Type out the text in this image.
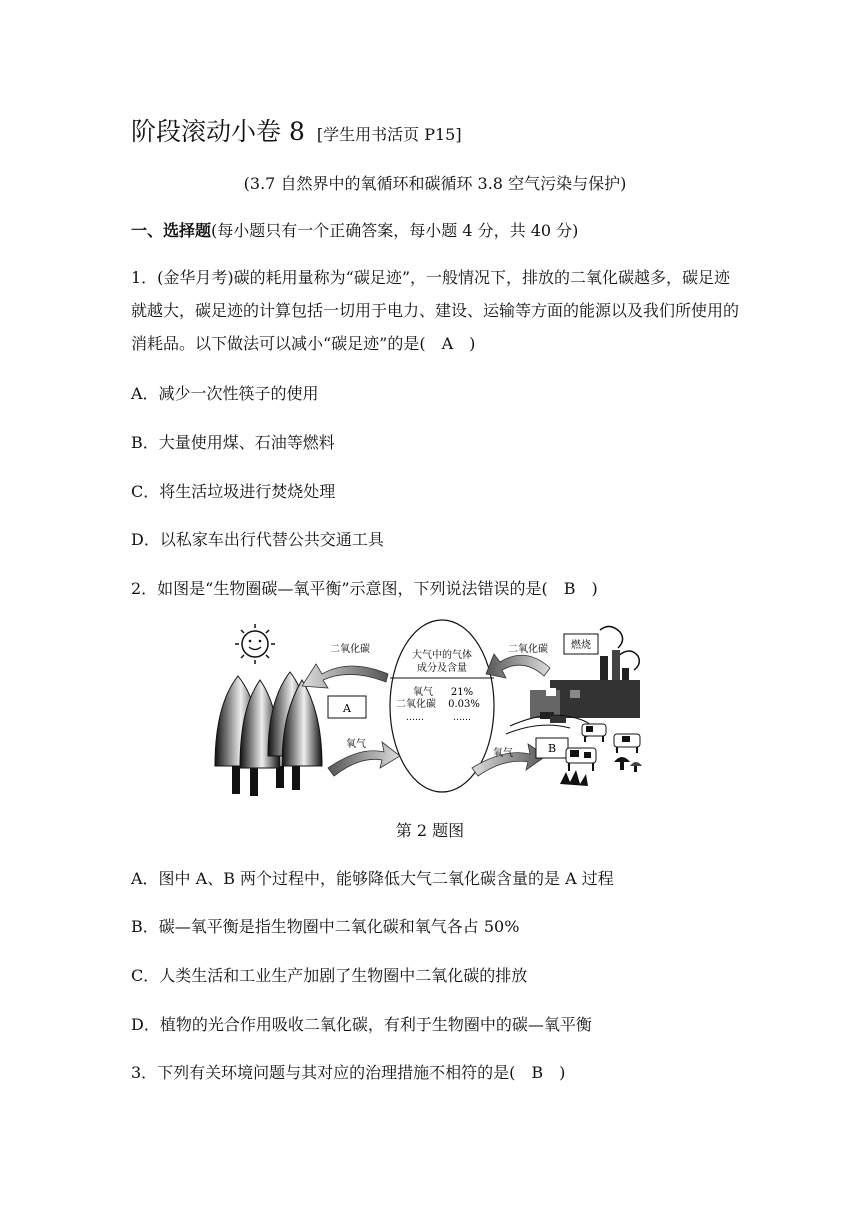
阶段滚动小卷 8 [学生用书活页 P15]
(3.7 自然界中的氧循环和碳循环 3.8 空气污染与保护)
一、选择题(每小题只有一个正确答案，每小题 4 分，共 40 分)
1．(金华月考)碳的耗用量称为“碳足迹”，一般情况下，排放的二氧化碳越多，碳足迹就越大，碳足迹的计算包括一切用于电力、建设、运输等方面的能源以及我们所使用的消耗品。以下做法可以减小“碳足迹”的是(　A　)
A．减少一次性筷子的使用
B．大量使用煤、石油等燃料
C．将生活垃圾进行焚烧处理
D．以私家车出行代替公共交通工具
2．如图是“生物圈碳—氧平衡”示意图，下列说法错误的是(　B　)
A
大气中的气体
成分及含量
氧气 21%
二氧化碳 0.03%
……	……
二氧化碳
氧气
二氧化碳
氧气	B
燃烧
第 2 题图
A．图中 A、B 两个过程中，能够降低大气二氧化碳含量的是 A 过程
B．碳—氧平衡是指生物圈中二氧化碳和氧气各占 50%
C．人类生活和工业生产加剧了生物圈中二氧化碳的排放
D．植物的光合作用吸收二氧化碳，有利于生物圈中的碳—氧平衡
3．下列有关环境问题与其对应的治理措施不相符的是(　B　)
